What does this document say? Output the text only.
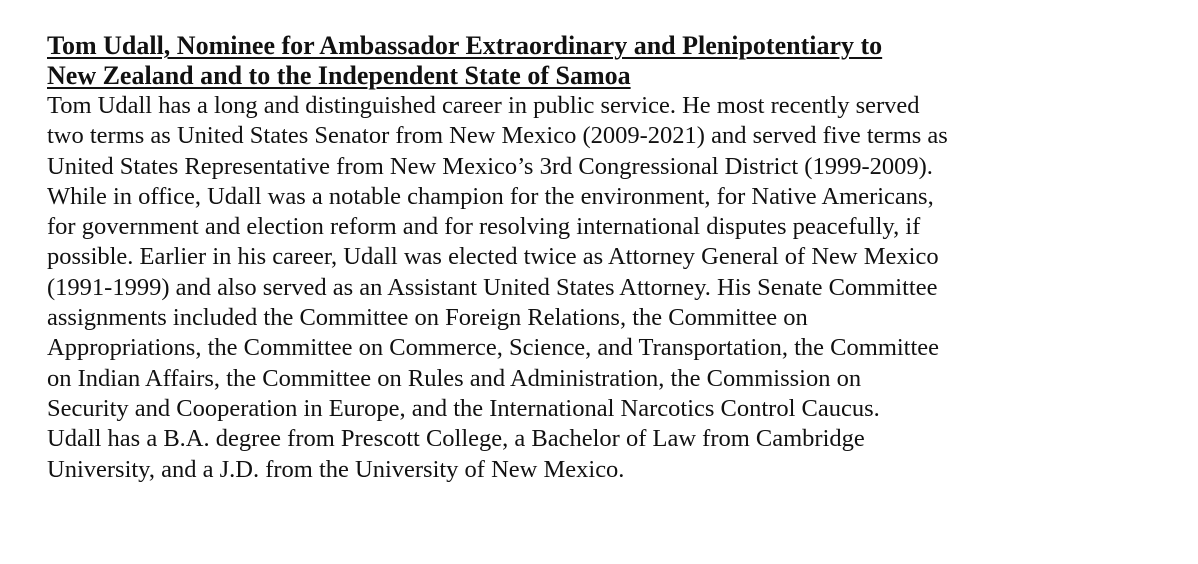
Tom Udall, Nominee for Ambassador Extraordinary and Plenipotentiary to
New Zealand and to the Independent State of Samoa

Tom Udall has a long and distinguished career in public service. He most recently served
two terms as United States Senator from New Mexico (2009-2021) and served five terms as
United States Representative from New Mexico’s 3rd Congressional District (1999-2009).
While in office, Udall was a notable champion for the environment, for Native Americans,
for government and election reform and for resolving international disputes peacefully, if
possible. Earlier in his career, Udall was elected twice as Attorney General of New Mexico
(1991-1999) and also served as an Assistant United States Attorney. His Senate Committee
assignments included the Committee on Foreign Relations, the Committee on
Appropriations, the Committee on Commerce, Science, and Transportation, the Committee
on Indian Affairs, the Committee on Rules and Administration, the Commission on
Security and Cooperation in Europe, and the International Narcotics Control Caucus.
Udall has a B.A. degree from Prescott College, a Bachelor of Law from Cambridge
University, and a J.D. from the University of New Mexico.
